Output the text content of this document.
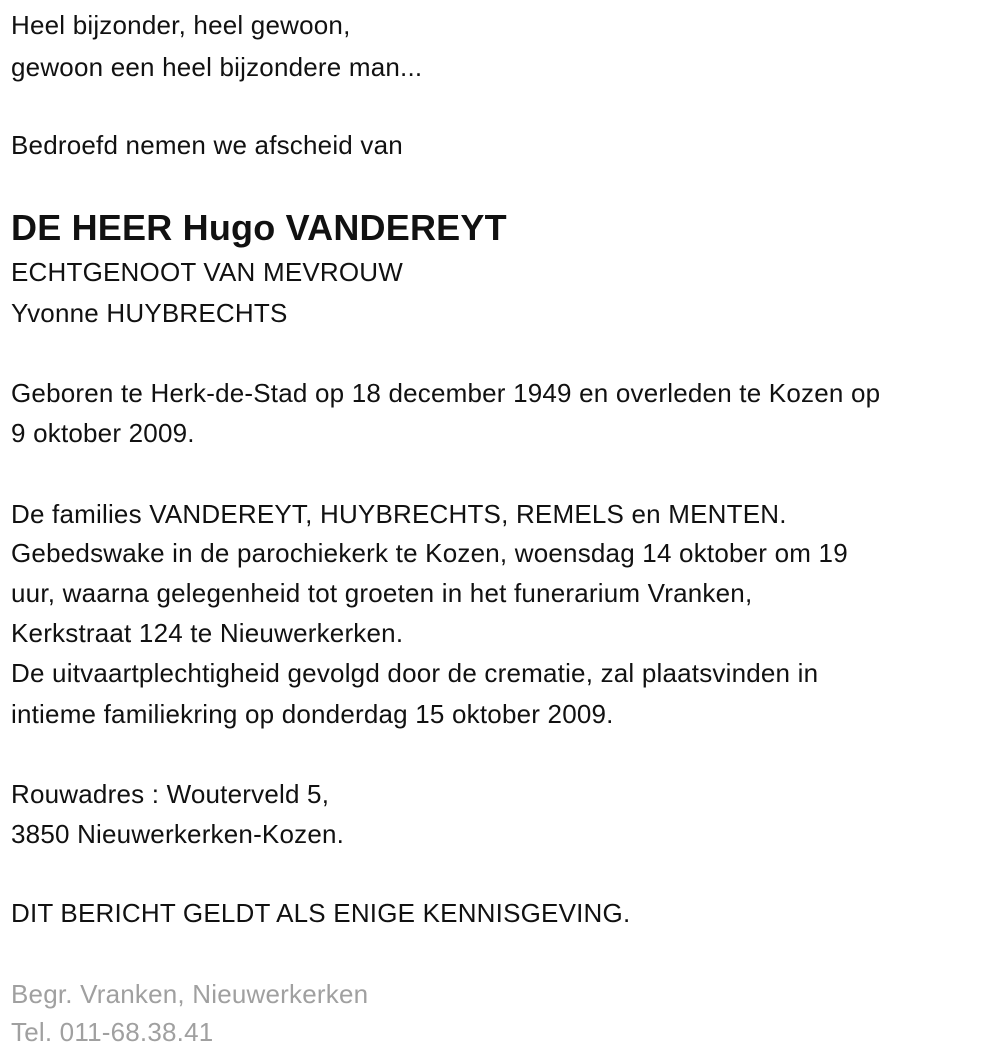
Heel bijzonder, heel gewoon,
gewoon een heel bijzondere man...
Bedroefd nemen we afscheid van
DE HEER Hugo VANDEREYT
ECHTGENOOT VAN MEVROUW
Yvonne HUYBRECHTS
Geboren te Herk-de-Stad op 18 december 1949 en overleden te Kozen op
9 oktober 2009.
De families VANDEREYT, HUYBRECHTS, REMELS en MENTEN.
Gebedswake in de parochiekerk te Kozen, woensdag 14 oktober om 19
uur, waarna gelegenheid tot groeten in het funerarium Vranken,
Kerkstraat 124 te Nieuwerkerken.
De uitvaartplechtigheid gevolgd door de crematie, zal plaatsvinden in
intieme familiekring op donderdag 15 oktober 2009.
Rouwadres : Wouterveld 5,
3850 Nieuwerkerken-Kozen.
DIT BERICHT GELDT ALS ENIGE KENNISGEVING.
Begr. Vranken, Nieuwerkerken
Tel. 011-68.38.41
